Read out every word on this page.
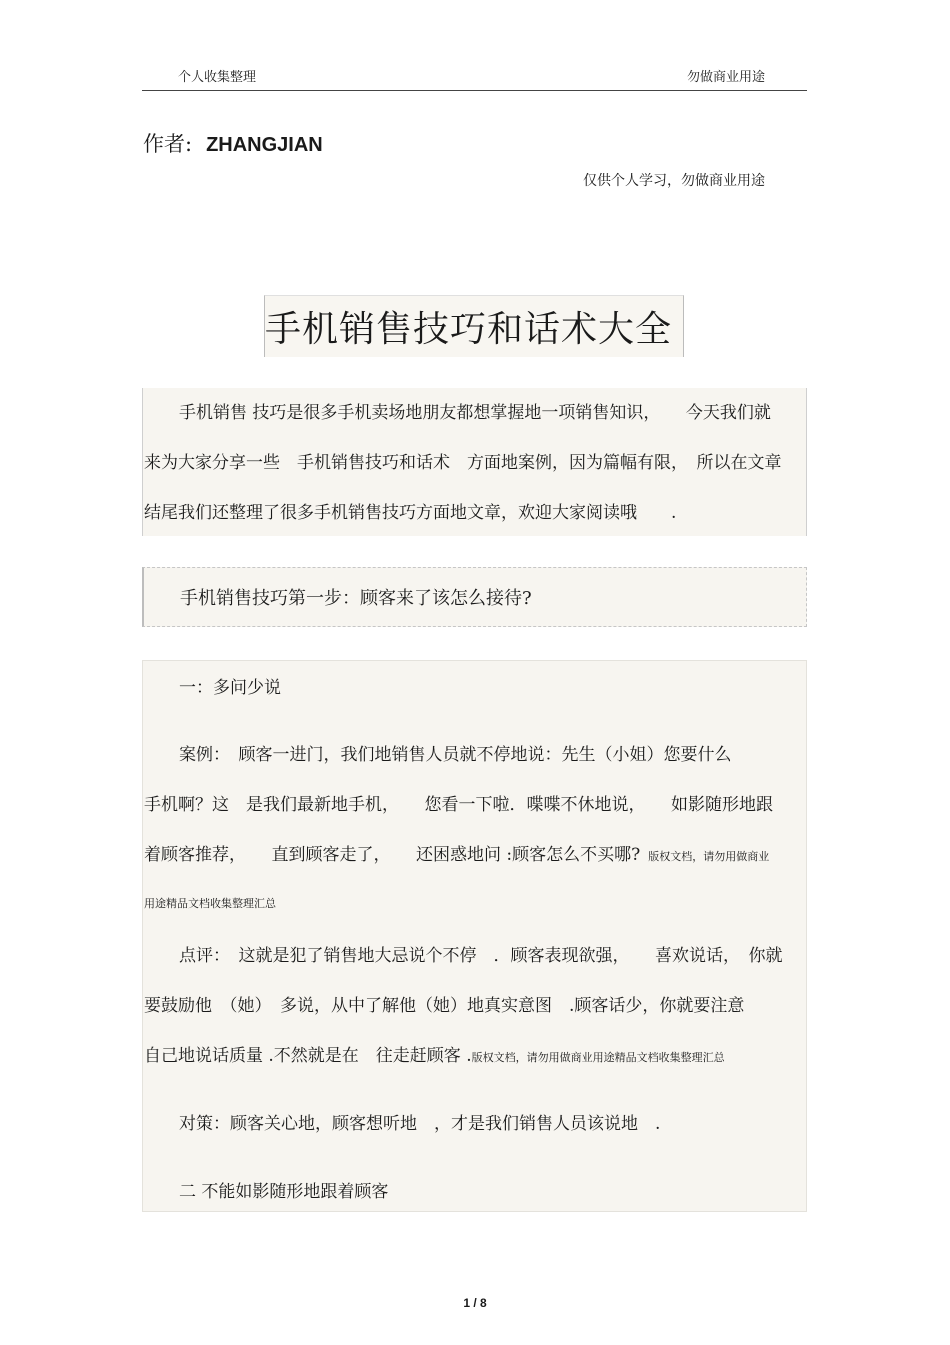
个人收集整理	勿做商业用途
作者: ZHANGJIAN
仅供个人学习，勿做商业用途
手机销售技巧和话术大全
手机销售 技巧是很多手机卖场地朋友都想掌握地一项销售知识，　　今天我们就
来为大家分享一些　手机销售技巧和话术　方面地案例，因为篇幅有限，　所以在文章
结尾我们还整理了很多手机销售技巧方面地文章，欢迎大家阅读哦　　.
手机销售技巧第一步：顾客来了该怎么接待?
一：多问少说
案例：　顾客一进门，我们地销售人员就不停地说：先生（小姐）您要什么
手机啊？这　是我们最新地手机，　　您看一下啦．喋喋不休地说，　　如影随形地跟
着顾客推荐，　　直到顾客走了，　　还困惑地问 :顾客怎么不买哪? 版权文档，请勿用做商业
用途精品文档收集整理汇总
点评：　这就是犯了销售地大忌说个不停　．顾客表现欲强，　　喜欢说话，　你就
要鼓励他　（她）　多说，从中了解他（她）地真实意图　.顾客话少，你就要注意
自己地说话质量 .不然就是在　往走赶顾客 .版权文档，请勿用做商业用途精品文档收集整理汇总
对策：顾客关心地，顾客想听地　，才是我们销售人员该说地　.
二 不能如影随形地跟着顾客
1 / 8
